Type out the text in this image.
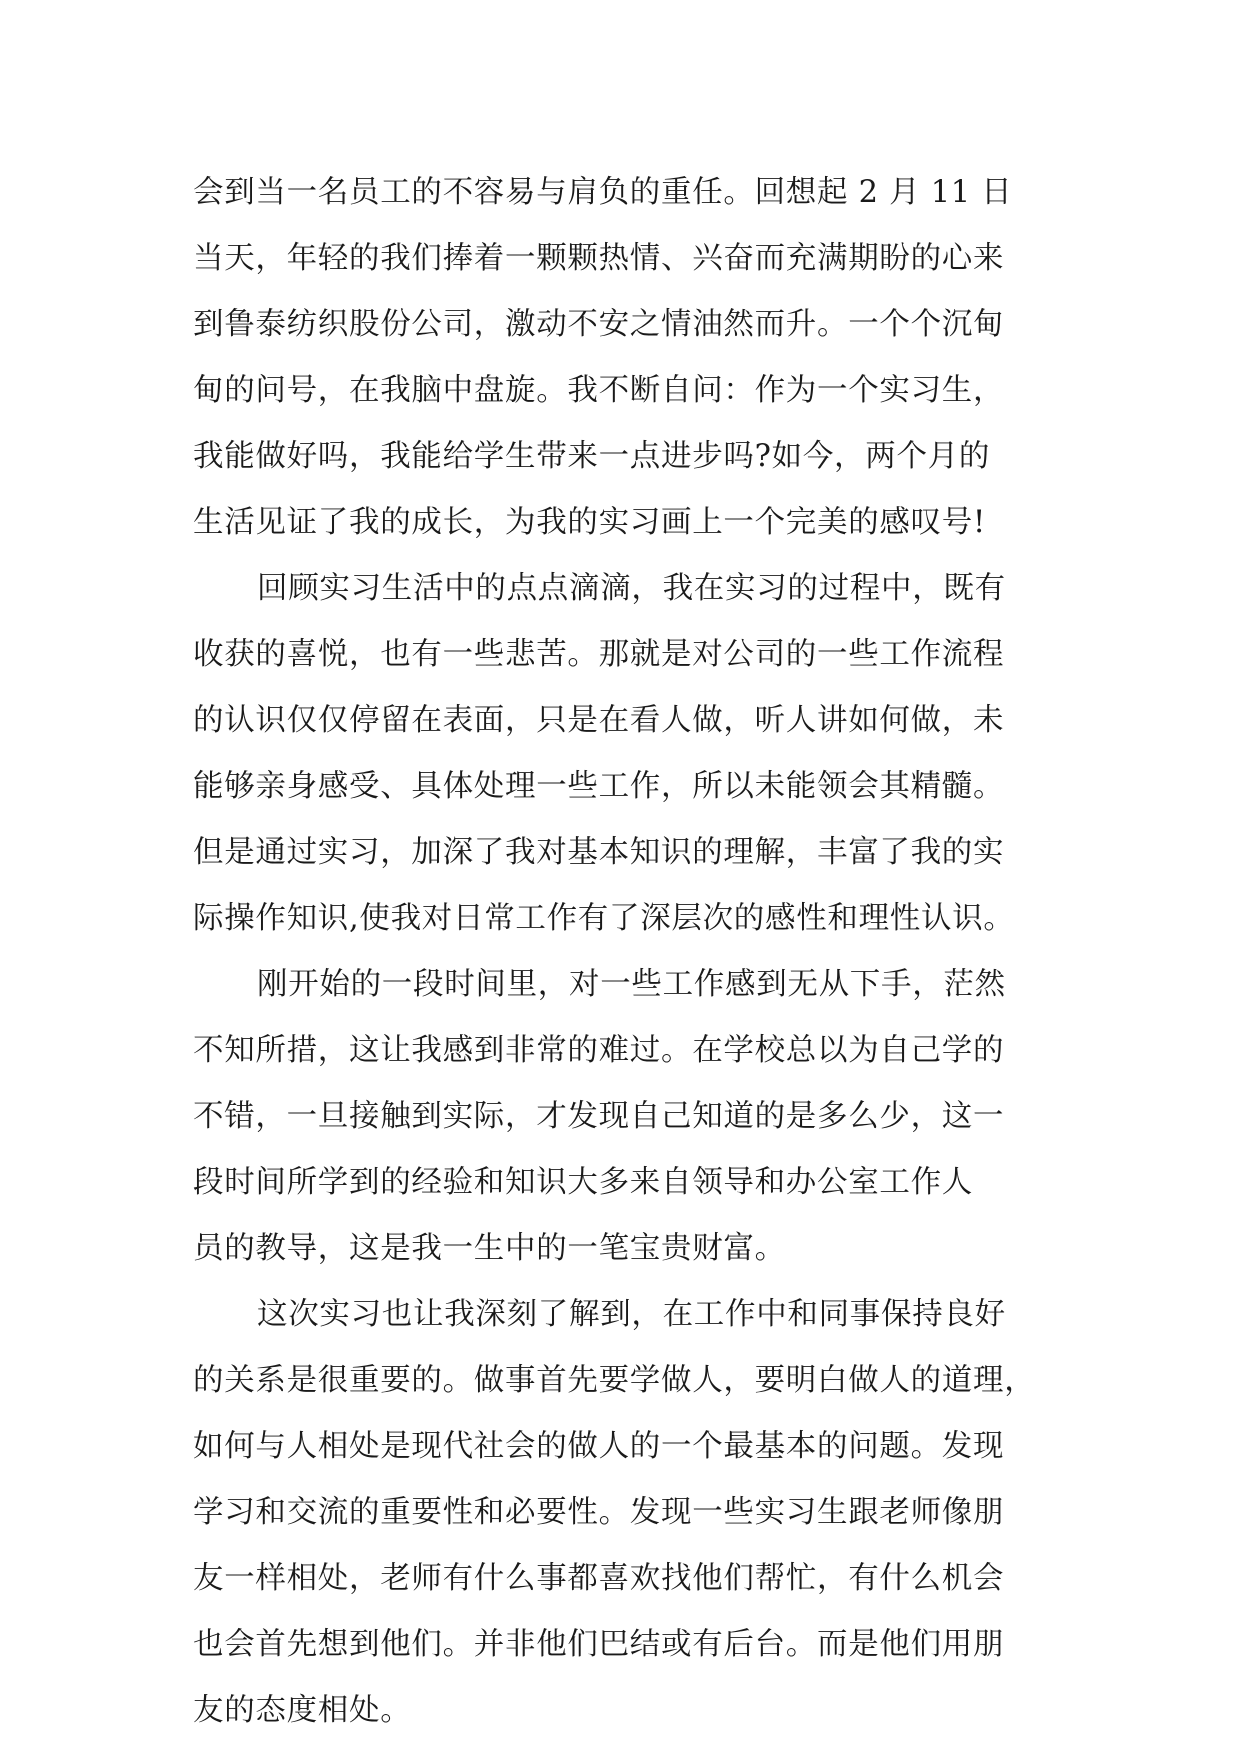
会到当一名员工的不容易与肩负的重任。回想起 2 月 11 日
当天，年轻的我们捧着一颗颗热情、兴奋而充满期盼的心来
到鲁泰纺织股份公司，激动不安之情油然而升。一个个沉甸
甸的问号，在我脑中盘旋。我不断自问：作为一个实习生，
我能做好吗，我能给学生带来一点进步吗?如今，两个月的
生活见证了我的成长，为我的实习画上一个完美的感叹号!
回顾实习生活中的点点滴滴，我在实习的过程中，既有
收获的喜悦，也有一些悲苦。那就是对公司的一些工作流程
的认识仅仅停留在表面，只是在看人做，听人讲如何做，未
能够亲身感受、具体处理一些工作，所以未能领会其精髓。
但是通过实习，加深了我对基本知识的理解，丰富了我的实
际操作知识,使我对日常工作有了深层次的感性和理性认识。
刚开始的一段时间里，对一些工作感到无从下手，茫然
不知所措，这让我感到非常的难过。在学校总以为自己学的
不错，一旦接触到实际，才发现自己知道的是多么少，这一
段时间所学到的经验和知识大多来自领导和办公室工作人
员的教导，这是我一生中的一笔宝贵财富。
这次实习也让我深刻了解到，在工作中和同事保持良好
的关系是很重要的。做事首先要学做人，要明白做人的道理，
如何与人相处是现代社会的做人的一个最基本的问题。发现
学习和交流的重要性和必要性。发现一些实习生跟老师像朋
友一样相处，老师有什么事都喜欢找他们帮忙，有什么机会
也会首先想到他们。并非他们巴结或有后台。而是他们用朋
友的态度相处。
